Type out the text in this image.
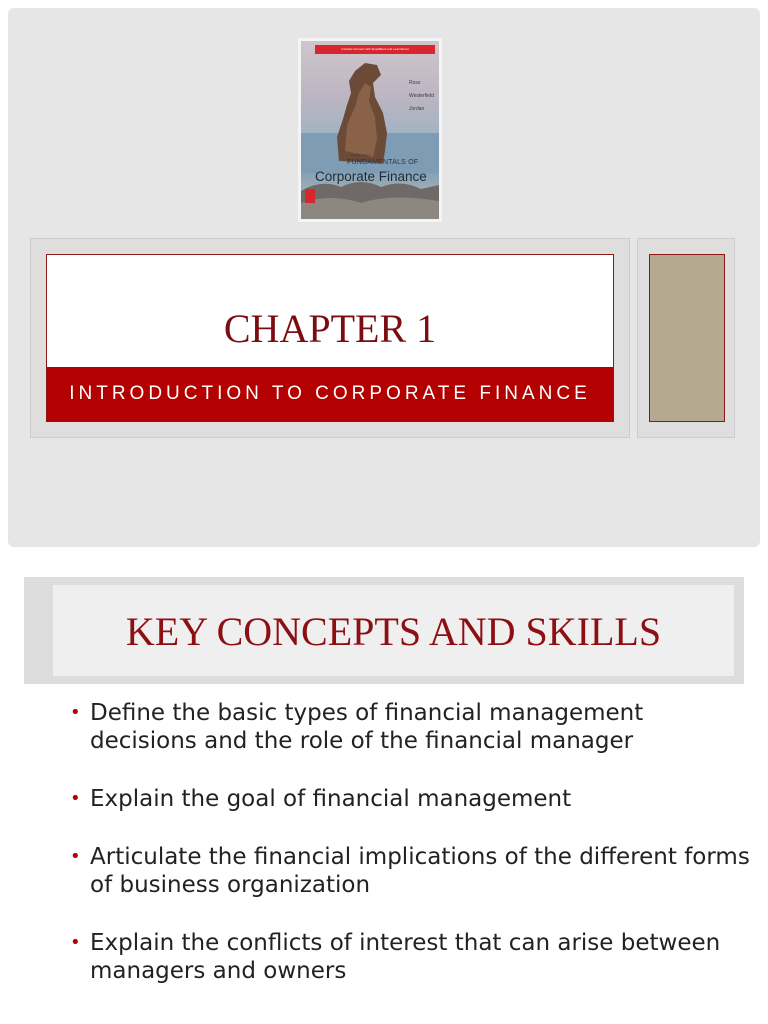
Includes Connect with SmartBook and LearnSmart
Ross
Westerfield
Jordan
Twelfth Edition
FUNDAMENTALS OF
Corporate Finance
CHAPTER 1
INTRODUCTION TO CORPORATE FINANCE
KEY CONCEPTS AND SKILLS
• Define the basic types of financial management decisions and the role of the financial manager
• Explain the goal of financial management
• Articulate the financial implications of the different forms of business organization
• Explain the conflicts of interest that can arise between managers and owners
